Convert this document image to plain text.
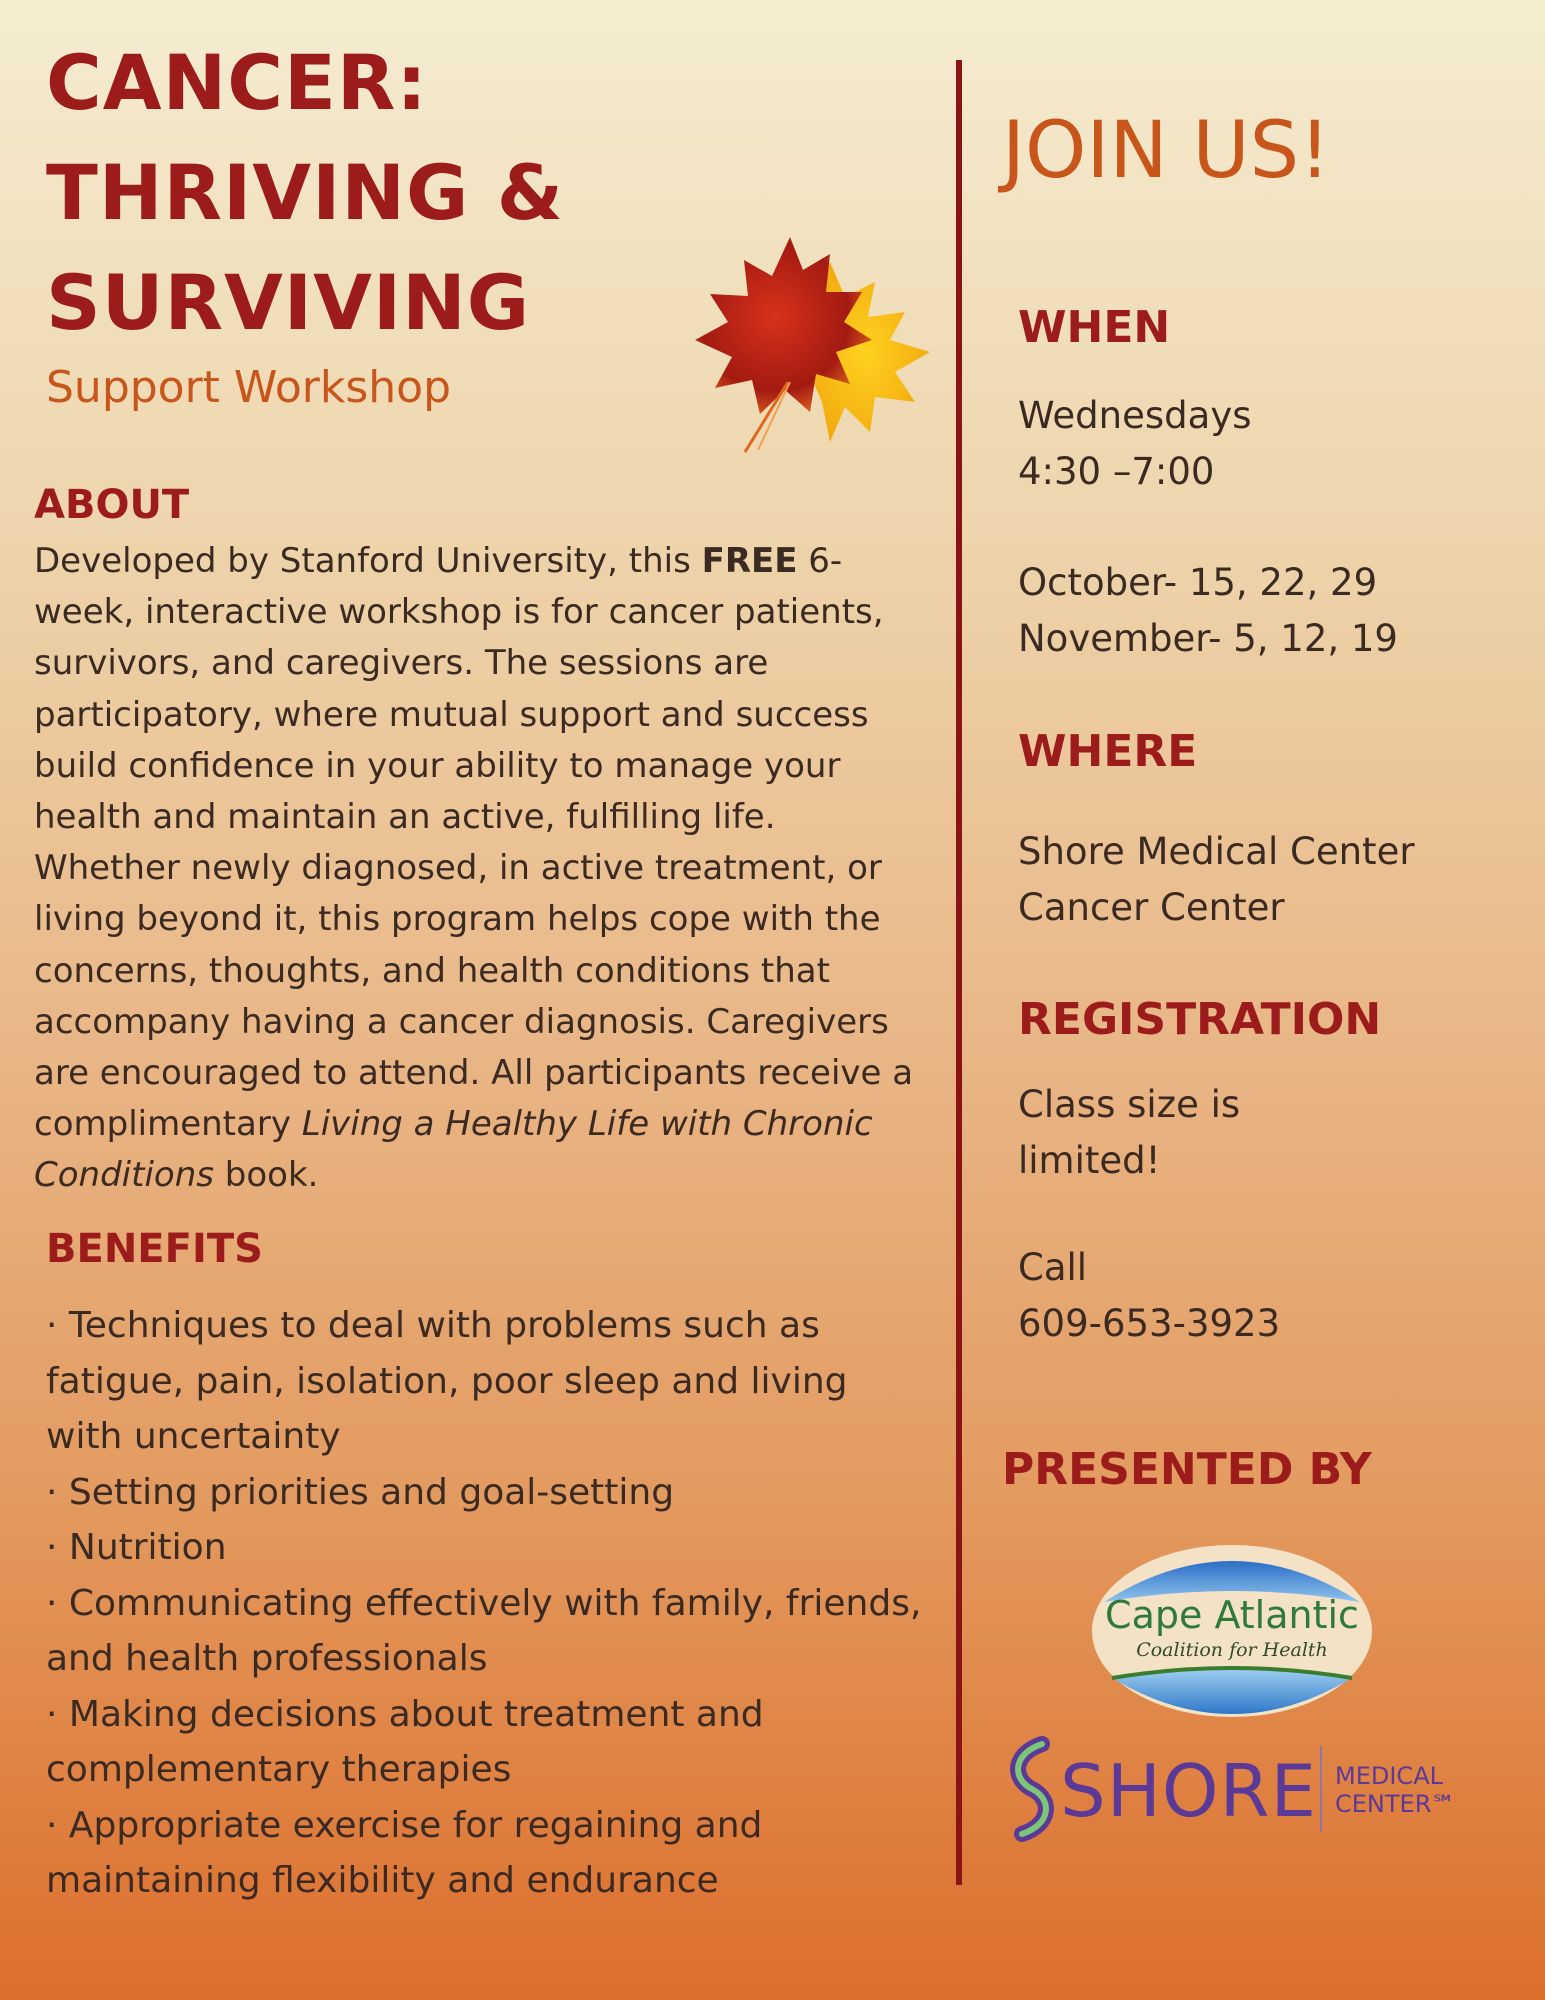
CANCER:
THRIVING &
SURVIVING
Support Workshop
ABOUT

Developed by Stanford University, this FREE 6-week, interactive workshop is for cancer patients, survivors, and caregivers. The sessions are participatory, where mutual support and success build confidence in your ability to manage your health and maintain an active, fulfilling life. Whether newly diagnosed, in active treatment, or living beyond it, this program helps cope with the concerns, thoughts, and health conditions that accompany having a cancer diagnosis. Caregivers are encouraged to attend. All participants receive a complimentary Living a Healthy Life with Chronic Conditions book.

BENEFITS
· Techniques to deal with problems such as fatigue, pain, isolation, poor sleep and living with uncertainty
· Setting priorities and goal-setting
· Nutrition
· Communicating effectively with family, friends, and health professionals
· Making decisions about treatment and complementary therapies
· Appropriate exercise for regaining and maintaining flexibility and endurance
JOIN US!
WHEN
Wednesdays
4:30 –7:00
October- 15, 22, 29
November- 5, 12, 19
WHERE
Shore Medical Center
Cancer Center
REGISTRATION
Class size is
limited!
Call
609-653-3923
PRESENTED BY
Cape Atlantic
Coalition for Health
SHORE MEDICAL
CENTER℠
